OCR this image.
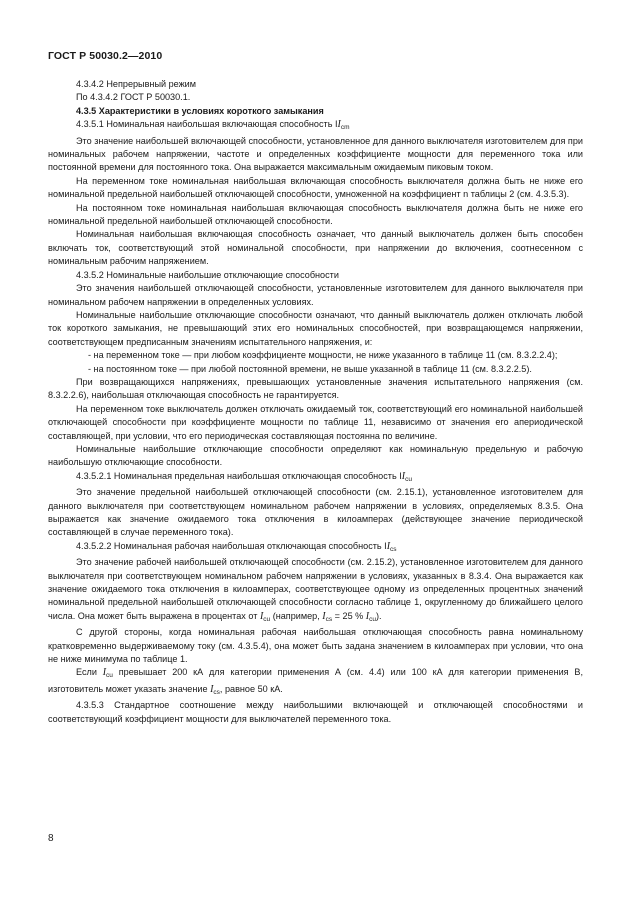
ГОСТ Р 50030.2—2010

4.3.4.2 Непрерывный режим

По 4.3.4.2 ГОСТ Р 50030.1.

4.3.5 Характеристики в условиях короткого замыкания

4.3.5.1 Номинальная наибольшая включающая способность $II_{cm}$

Это значение наибольшей включающей способности, установленное для данного выключателя изготовителем для при номинальных рабочем напряжении, частоте и определенных коэффициенте мощности для переменного тока или постоянной времени для постоянного тока. Она выражается максимальным ожидаемым пиковым током.

На переменном токе номинальная наибольшая включающая способность выключателя должна быть не ниже его номинальной предельной наибольшей отключающей способности, умноженной на коэффициент n таблицы 2 (см. 4.3.5.3).

На постоянном токе номинальная наибольшая включающая способность выключателя должна быть не ниже его номинальной предельной наибольшей отключающей способности.

Номинальная наибольшая включающая способность означает, что данный выключатель должен быть способен включать ток, соответствующий этой номинальной способности, при напряжении до включения, соотнесенном с номинальным рабочим напряжением.

4.3.5.2 Номинальные наибольшие отключающие способности

Это значения наибольшей отключающей способности, установленные изготовителем для данного выключателя при номинальном рабочем напряжении в определенных условиях.

Номинальные наибольшие отключающие способности означают, что данный выключатель должен отключать любой ток короткого замыкания, не превышающий этих его номинальных способностей, при возвращающемся напряжении, соответствующем предписанным значениям испытательного напряжения, и:

- на переменном токе — при любом коэффициенте мощности, не ниже указанного в таблице 11 (см. 8.3.2.2.4);

- на постоянном токе — при любой постоянной времени, не выше указанной в таблице 11 (см. 8.3.2.2.5).

При возвращающихся напряжениях, превышающих установленные значения испытательного напряжения (см. 8.3.2.2.6), наибольшая отключающая способность не гарантируется.

На переменном токе выключатель должен отключать ожидаемый ток, соответствующий его номинальной наибольшей отключающей способности при коэффициенте мощности по таблице 11, независимо от значения его апериодической составляющей, при условии, что его периодическая составляющая постоянна по величине.

Номинальные наибольшие отключающие способности определяют как номинальную предельную и рабочую наибольшую отключающие способности.

4.3.5.2.1 Номинальная предельная наибольшая отключающая способность $II_{cu}$

Это значение предельной наибольшей отключающей способности (см. 2.15.1), установленное изготовителем для данного выключателя при соответствующем номинальном рабочем напряжении в условиях, определяемых 8.3.5. Она выражается как значение ожидаемого тока отключения в килоамперах (действующее значение периодической составляющей в случае переменного тока).

4.3.5.2.2 Номинальная рабочая наибольшая отключающая способность $II_{cs}$

Это значение рабочей наибольшей отключающей способности (см. 2.15.2), установленное изготовителем для данного выключателя при соответствующем номинальном рабочем напряжении в условиях, указанных в 8.3.4. Она выражается как значение ожидаемого тока отключения в килоамперах, соответствующее одному из определенных процентных значений номинальной предельной наибольшей отключающей способности согласно таблице 1, округленному до ближайшего целого числа. Она может быть выражена в процентах от $I_{cu}$ (например, $I_{cs} = 25$ % $I_{cu}$).

С другой стороны, когда номинальная рабочая наибольшая отключающая способность равна номинальному кратковременно выдерживаемому току (см. 4.3.5.4), она может быть задана значением в килоамперах при условии, что она не ниже минимума по таблице 1.

Если $I_{cu}$ превышает 200 кА для категории применения А (см. 4.4) или 100 кА для категории применения В, изготовитель может указать значение $I_{cs}$, равное 50 кА.

4.3.5.3 Стандартное соотношение между наибольшими включающей и отключающей способностями и соответствующий коэффициент мощности для выключателей переменного тока.

8
